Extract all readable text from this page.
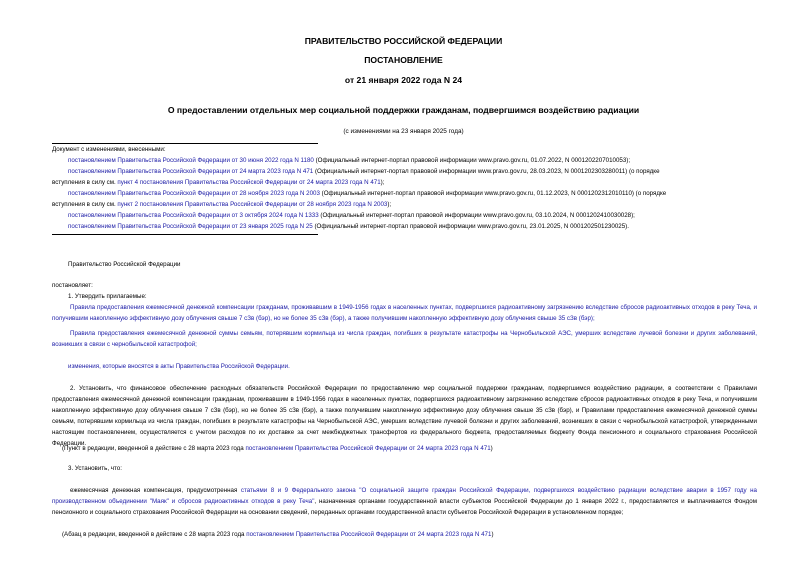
ПРАВИТЕЛЬСТВО РОССИЙСКОЙ ФЕДЕРАЦИИ
ПОСТАНОВЛЕНИЕ
от 21 января 2022 года N 24
О предоставлении отдельных мер социальной поддержки гражданам, подвергшимся воздействию радиации
(с изменениями на 23 января 2025 года)
Документ с изменениями, внесенными:
постановлением Правительства Российской Федерации от 30 июня 2022 года N 1180 (Официальный интернет-портал правовой информации www.pravo.gov.ru, 01.07.2022, N 0001202207010053);
постановлением Правительства Российской Федерации от 24 марта 2023 года N 471 (Официальный интернет-портал правовой информации www.pravo.gov.ru, 28.03.2023, N 0001202303280011) (о порядке
вступления в силу см. пункт 4 постановления Правительства Российской Федерации от 24 марта 2023 года N 471);
постановлением Правительства Российской Федерации от 28 ноября 2023 года N 2003 (Официальный интернет-портал правовой информации www.pravo.gov.ru, 01.12.2023, N 0001202312010110) (о порядке
вступления в силу см. пункт 2 постановления Правительства Российской Федерации от 28 ноября 2023 года N 2003);
постановлением Правительства Российской Федерации от 3 октября 2024 года N 1333 (Официальный интернет-портал правовой информации www.pravo.gov.ru, 03.10.2024, N 0001202410030028);
постановлением Правительства Российской Федерации от 23 января 2025 года N 25 (Официальный интернет-портал правовой информации www.pravo.gov.ru, 23.01.2025, N 0001202501230025).
Правительство Российской Федерации
постановляет:
1. Утвердить прилагаемые:
Правила предоставления ежемесячной денежной компенсации гражданам, проживавшим в 1949-1956 годах в населенных пунктах, подвергшихся радиоактивному загрязнению вследствие сбросов радиоактивных отходов в реку Теча, и получившим накопленную эффективную дозу облучения свыше 7 сЗв (бэр), но не более 35 сЗв (бэр), а также получившим накопленную эффективную дозу облучения свыше 35 сЗв (бэр);
Правила предоставления ежемесячной денежной суммы семьям, потерявшим кормильца из числа граждан, погибших в результате катастрофы на Чернобыльской АЭС, умерших вследствие лучевой болезни и других заболеваний, возникших в связи с чернобыльской катастрофой;
изменения, которые вносятся в акты Правительства Российской Федерации.
2. Установить, что финансовое обеспечение расходных обязательств Российской Федерации по предоставлению мер социальной поддержки гражданам, подвергшимся воздействию радиации, в соответствии с Правилами предоставления ежемесячной денежной компенсации гражданам, проживавшим в 1949-1956 годах в населенных пунктах, подвергшихся радиоактивному загрязнению вследствие сбросов радиоактивных отходов в реку Теча, и получившим накопленную эффективную дозу облучения свыше 7 сЗв (бэр), но не более 35 сЗв (бэр), а также получившим накопленную эффективную дозу облучения свыше 35 сЗв (бэр), и Правилами предоставления ежемесячной денежной суммы семьям, потерявшим кормильца из числа граждан, погибших в результате катастрофы на Чернобыльской АЭС, умерших вследствие лучевой болезни и других заболеваний, возникших в связи с чернобыльской катастрофой, утвержденными настоящим постановлением, осуществляется с учетом расходов по их доставке за счет межбюджетных трансфертов из федерального бюджета, предоставляемых бюджету Фонда пенсионного и социального страхования Российской Федерации.
(Пункт в редакции, введенной в действие с 28 марта 2023 года постановлением Правительства Российской Федерации от 24 марта 2023 года N 471)
3. Установить, что:
ежемесячная денежная компенсация, предусмотренная статьями 8 и 9 Федерального закона "О социальной защите граждан Российской Федерации, подвергшихся воздействию радиации вследствие аварии в 1957 году на производственном объединении "Маяк" и сбросов радиоактивных отходов в реку Теча", назначенная органами государственной власти субъектов Российской Федерации до 1 января 2022 г., предоставляется и выплачивается Фондом пенсионного и социального страхования Российской Федерации на основании сведений, переданных органами государственной власти субъектов Российской Федерации в установленном порядке;
(Абзац в редакции, введенной в действие с 28 марта 2023 года постановлением Правительства Российской Федерации от 24 марта 2023 года N 471)
